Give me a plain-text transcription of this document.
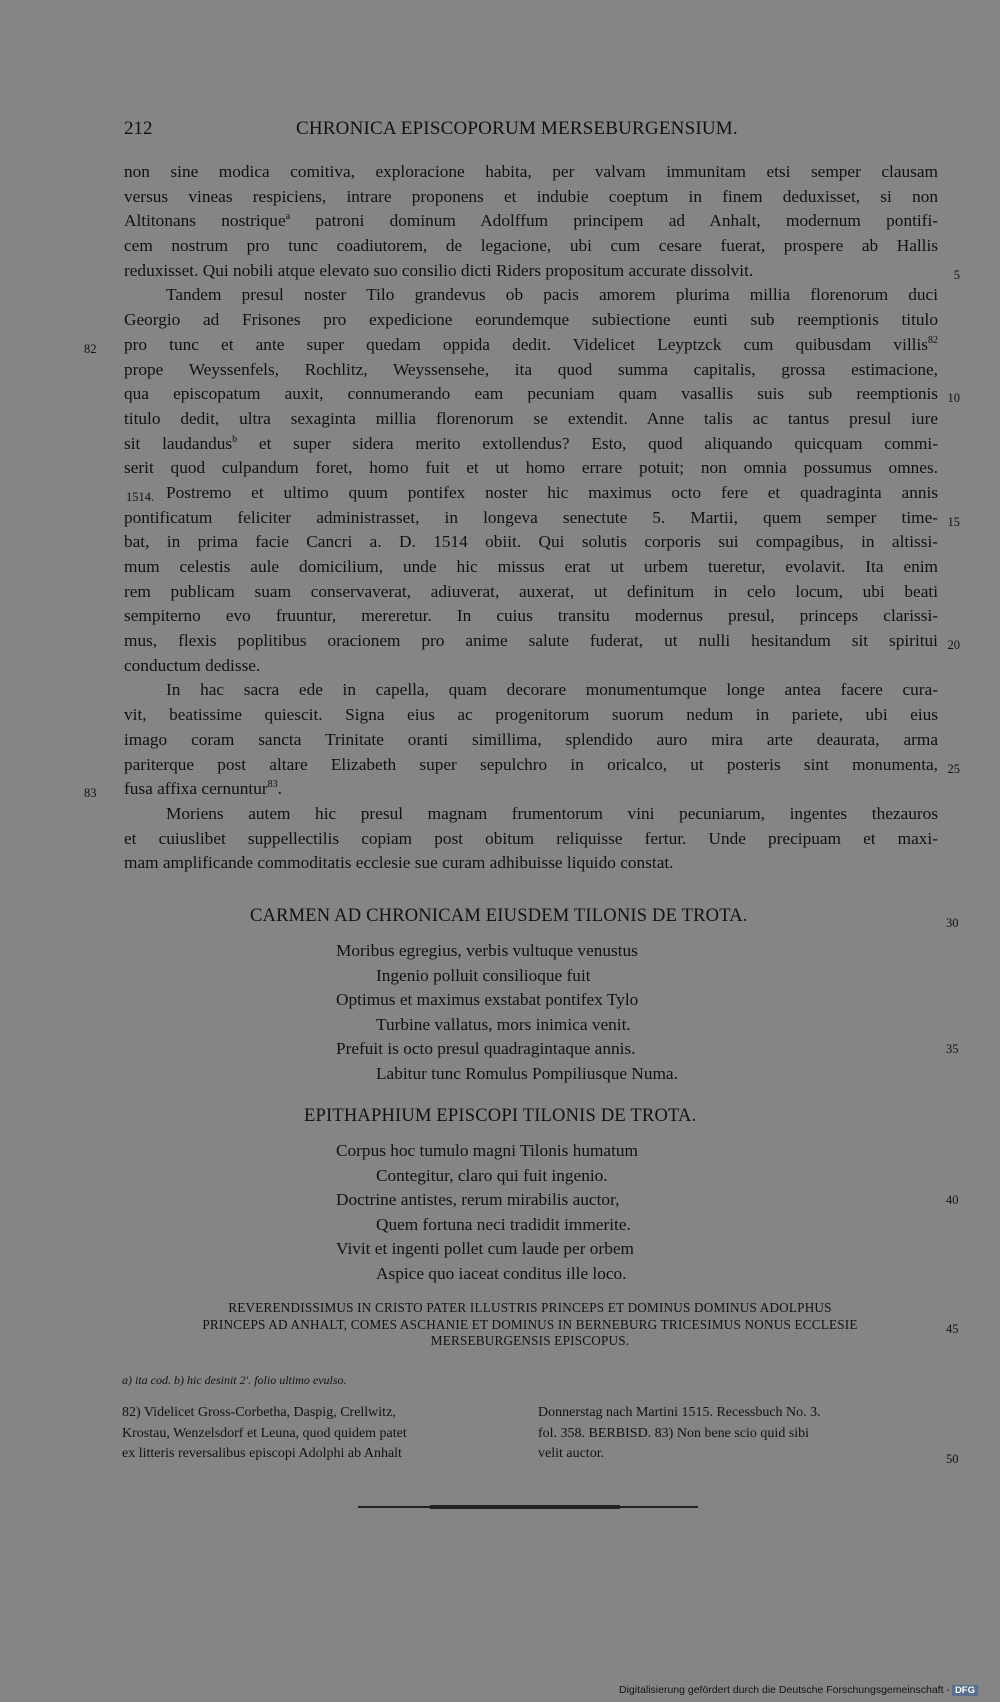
212	CHRONICA EPISCOPORUM MERSEBURGENSIUM.
non sine modica comitiva, exploracione habita, per valvam immunitam etsi semper clausam
versus vineas respiciens, intrare proponens et indubie coeptum in finem deduxisset, si non
Altitonans nostrique$^a$ patroni dominum Adolffum principem ad Anhalt, modernum pontifi-
cem nostrum pro tunc coadiutorem, de legacione, ubi cum cesare fuerat, prospere ab Hallis
reduxisset. Qui nobili atque elevato suo consilio dicti Riders propositum accurate dissolvit.	5
Tandem presul noster Tilo grandevus ob pacis amorem plurima millia florenorum duci
Georgio ad Frisones pro expedicione eorundemque subiectione eunti sub reemptionis titulo
pro tunc et ante super quedam oppida dedit. Videlicet Leyptzck cum quibusdam villis$^{82}$
82
prope Weyssenfels, Rochlitz, Weyssensehe, ita quod summa capitalis, grossa estimacione,
qua episcopatum auxit, connumerando eam pecuniam quam vasallis suis sub reemptionis 10
titulo dedit, ultra sexaginta millia florenorum se extendit. Anne talis ac tantus presul iure
sit laudandus$^b$ et super sidera merito extollendus? Esto, quod aliquando quicquam commi-
serit quod culpandum foret, homo fuit et ut homo errare potuit; non omnia possumus omnes.
Postremo et ultimo quum pontifex noster hic maximus octo fere et quadraginta annis
1514.
pontificatum feliciter administrasset, in longeva senectute 5. Martii, quem semper time- 15
bat, in prima facie Cancri a. D. 1514 obiit. Qui solutis corporis sui compagibus, in altissi-
mum celestis aule domicilium, unde hic missus erat ut urbem tueretur, evolavit. Ita enim
rem publicam suam conservaverat, adiuverat, auxerat, ut definitum in celo locum, ubi beati
sempiterno evo fruuntur, mereretur. In cuius transitu modernus presul, princeps clarissi-
mus, flexis poplitibus oracionem pro anime salute fuderat, ut nulli hesitandum sit spiritui 20
conductum dedisse.
In hac sacra ede in capella, quam decorare monumentumque longe antea facere cura-
vit, beatissime quiescit. Signa eius ac progenitorum suorum nedum in pariete, ubi eius
imago coram sancta Trinitate oranti simillima, splendido auro mira arte deaurata, arma
pariterque post altare Elizabeth super sepulchro in oricalco, ut posteris sint monumenta, 25
fusa affixa cernuntur$^{83}$.
83
Moriens autem hic presul magnam frumentorum vini pecuniarum, ingentes thezauros
et cuiuslibet suppellectilis copiam post obitum reliquisse fertur. Unde precipuam et maxi-
mam amplificande commoditatis ecclesie sue curam adhibuisse liquido constat.
CARMEN AD CHRONICAM EIUSDEM TILONIS DE TROTA.	30
Moribus egregius, verbis vultuque venustus
Ingenio polluit consilioque fuit
Optimus et maximus exstabat pontifex Tylo
Turbine vallatus, mors inimica venit.
Prefuit is octo presul quadragintaque annis.
Labitur tunc Romulus Pompiliusque Numa.
EPITHAPHIUM EPISCOPI TILONIS DE TROTA.
Corpus hoc tumulo magni Tilonis humatum
Contegitur, claro qui fuit ingenio.
Doctrine antistes, rerum mirabilis auctor,
Quem fortuna neci tradidit immerite.
Vivit et ingenti pollet cum laude per orbem
Aspice quo iaceat conditus ille loco.
REVERENDISSIMUS IN CRISTO PATER ILLUSTRIS PRINCEPS ET DOMINUS DOMINUS ADOLPHUS
PRINCEPS AD ANHALT, COMES ASCHANIE ET DOMINUS IN BERNEBURG TRICESIMUS NONUS ECCLESIE
MERSEBURGENSIS EPISCOPUS.
45
a) ita cod. b) hic desinit 2'. folio ultimo evulso.
82) Videlicet Gross-Corbetha, Daspig, Crellwitz,
Krostau, Wenzelsdorf et Leuna, quod quidem patet
ex litteris reversalibus episcopi Adolphi ab Anhalt
Donnerstag nach Martini 1515. Recessbuch No. 3.
fol. 358. BERBISD. 83) Non bene scio quid sibi
velit auctor.	50
Digitalisierung gefördert durch die Deutsche Forschungsgemeinschaft - DFG
35
40
